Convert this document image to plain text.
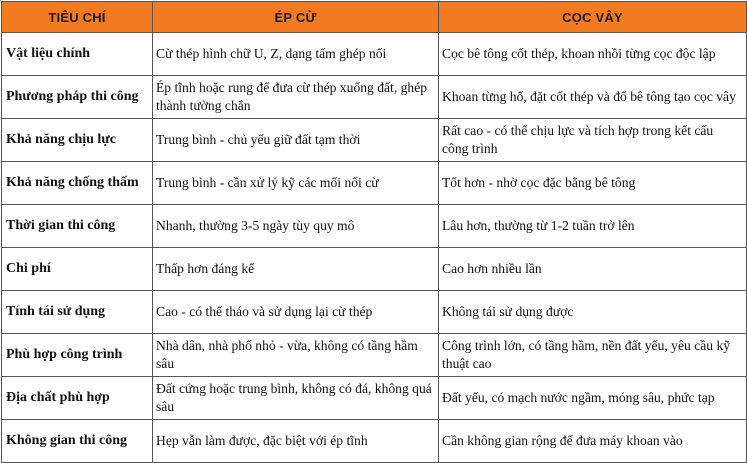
TIÊU CHÍ	ÉP CỪ	CỌC VÂY
Vật liệu chính	Cừ thép hình chữ U, Z, dạng tấm ghép nối	Cọc bê tông cốt thép, khoan nhồi từng cọc độc lập
Phương pháp thi công	Ép tĩnh hoặc rung để đưa cừ thép xuống đất, ghép thành tường chắn	Khoan từng hố, đặt cốt thép và đổ bê tông tạo cọc vây
Khả năng chịu lực	Trung bình - chủ yếu giữ đất tạm thời	Rất cao - có thể chịu lực và tích hợp trong kết cấu công trình
Khả năng chống thấm	Trung bình - cần xử lý kỹ các mối nối cừ	Tốt hơn - nhờ cọc đặc bằng bê tông
Thời gian thi công	Nhanh, thường 3-5 ngày tùy quy mô	Lâu hơn, thường từ 1-2 tuần trở lên
Chi phí	Thấp hơn đáng kể	Cao hơn nhiều lần
Tính tái sử dụng	Cao - có thể tháo và sử dụng lại cừ thép	Không tái sử dụng được
Phù hợp công trình	Nhà dân, nhà phố nhỏ - vừa, không có tầng hầm sâu	Công trình lớn, có tầng hầm, nền đất yếu, yêu cầu kỹ thuật cao
Địa chất phù hợp	Đất cứng hoặc trung bình, không có đá, không quá sâu	Đất yếu, có mạch nước ngầm, móng sâu, phức tạp
Không gian thi công	Hẹp vẫn làm được, đặc biệt với ép tĩnh	Cần không gian rộng để đưa máy khoan vào
